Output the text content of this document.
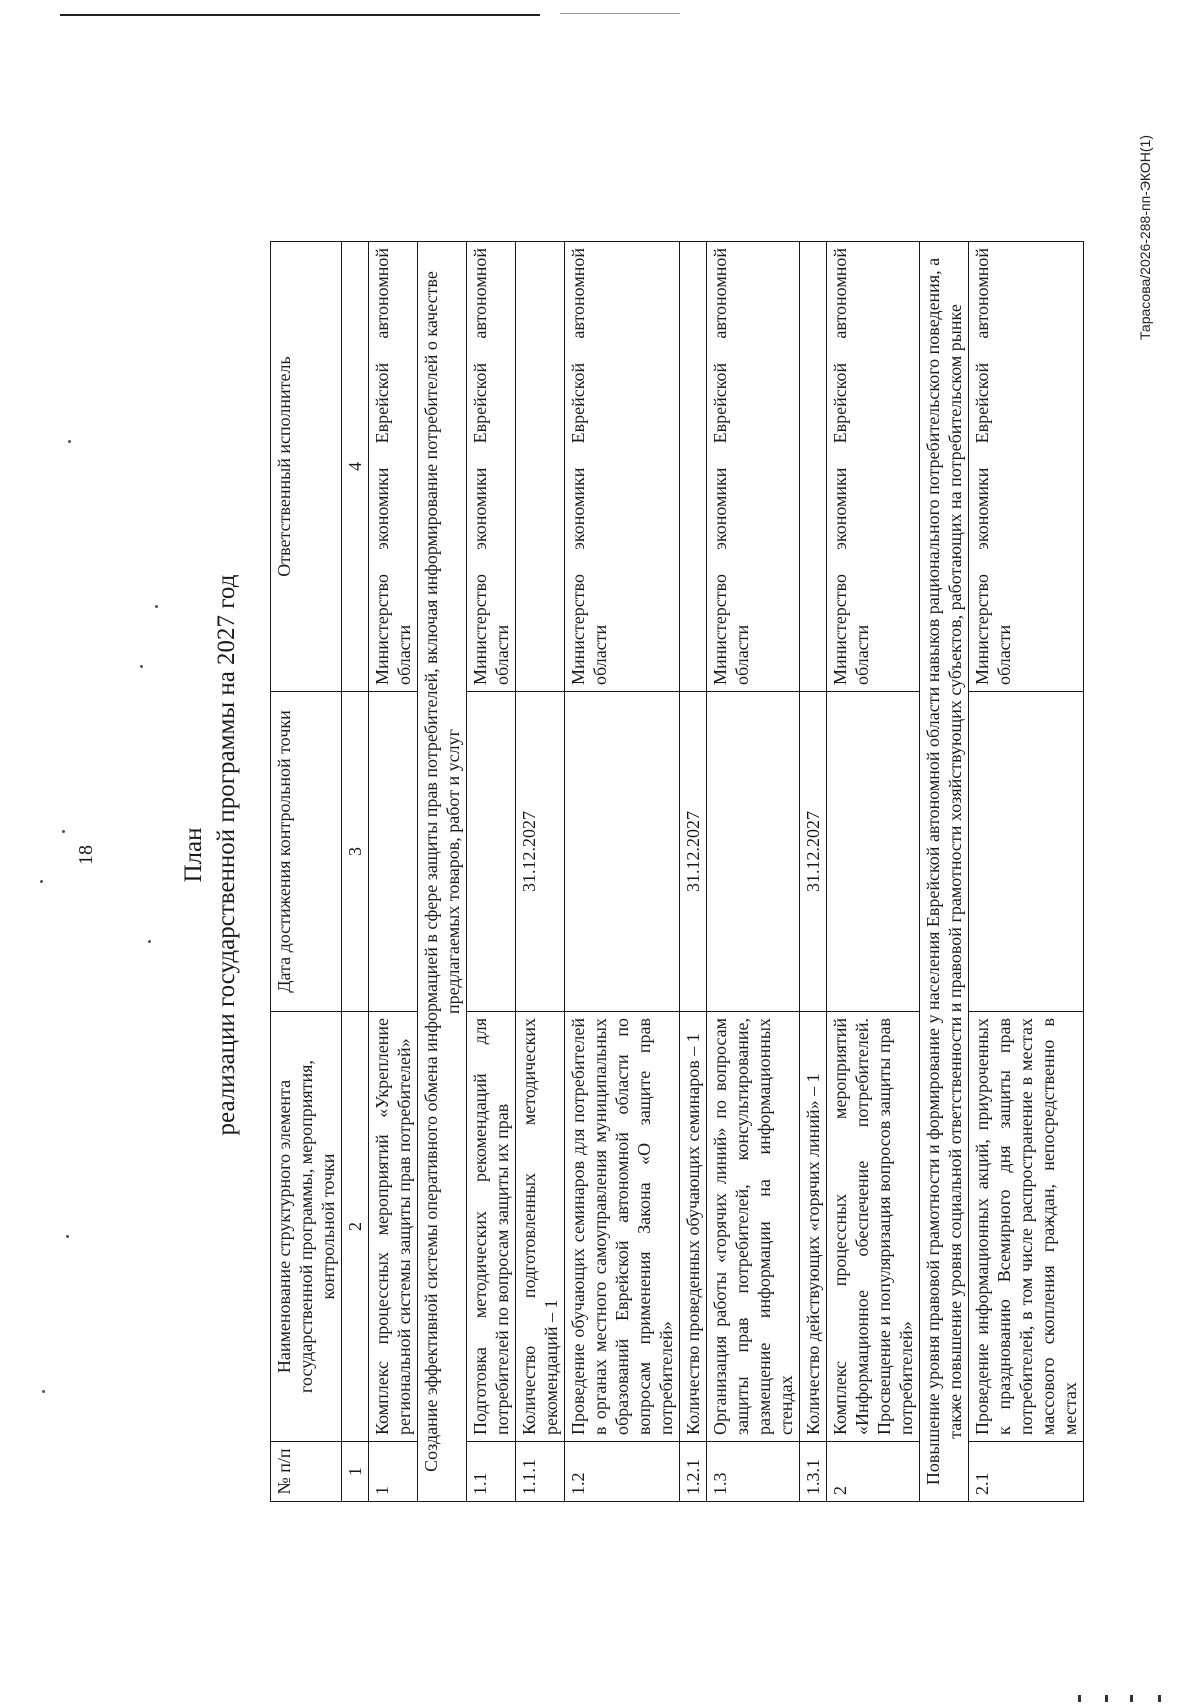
18	План реализации государственной программы на 2027 год
№ п/п	Наименование структурного элемента государственной программы, мероприятия, контрольной точки	Дата достижения контрольной точки	Ответственный исполнитель
1	2	3	4
1	Комплекс процессных мероприятий «Укрепление региональной системы защиты прав потребителей»		Министерство экономики Еврейской автономной области
Создание эффективной системы оперативного обмена информацией в сфере защиты прав потребителей, включая информирование потребителей о качестве предлагаемых товаров, работ и услуг			
1.1	Подготовка методических рекомендаций для потребителей по вопросам защиты их прав		Министерство экономики Еврейской автономной области
1.1.1	Количество подготовленных методических рекомендаций – 1	31.12.2027	
1.2	Проведение обучающих семинаров для потребителей в органах местного самоуправления муниципальных образований Еврейской автономной области по вопросам применения Закона «О защите прав потребителей»		Министерство экономики Еврейской автономной области
1.2.1	Количество проведенных обучающих семинаров – 1	31.12.2027	
1.3	Организация работы «горячих линий» по вопросам защиты прав потребителей, консультирование, размещение информации на информационных стендах		Министерство экономики Еврейской автономной области
1.3.1	Количество действующих «горячих линий» – 1	31.12.2027	
2	Комплекс процессных мероприятий «Информационное обеспечение потребителей. Просвещение и популяризация вопросов защиты прав потребителей»		Министерство экономики Еврейской автономной области
Повышение уровня правовой грамотности и формирование у населения Еврейской автономной области навыков рационального потребительского поведения, а также повышение уровня социальной ответственности и правовой грамотности хозяйствующих субъектов, работающих на потребительском рынке			
2.1	Проведение информационных акций, приуроченных к празднованию Всемирного дня защиты прав потребителей, в том числе распространение в местах массового скопления граждан, непосредственно в местах		Министерство экономики Еврейской автономной области
Тарасова/2026-288-пп-ЭКОН(1)
